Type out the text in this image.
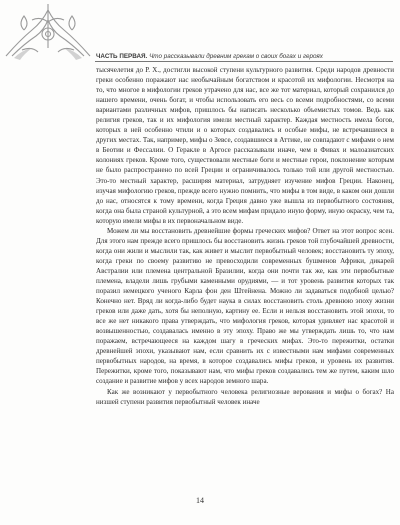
ЧАСТЬ ПЕРВАЯ. Что рассказывали древним грекам о своих богах и героях

тысячелетия до Р. Х., достигли высокой ступени культурного развития. Среди народов древности греки особенно поражают нас необычайным богатством и красотой их мифологии. Несмотря на то, что многое в мифологии греков утрачено для нас, все же тот материал, который сохранился до нашего времени, очень богат, и чтобы использовать его весь со всеми подробностями, со всеми вариантами различных мифов, пришлось бы написать несколько объемистых томов. Ведь как религия греков, так и их мифология имели местный характер. Каждая местность имела богов, которых в ней особенно чтили и о которых создавались и особые мифы, не встречавшиеся в других местах. Так, например, мифы о Зевсе, создавшиеся в Аттике, не совпадают с мифами о нем в Беотии и Фессалии. О Геракле в Аргосе рассказывали иначе, чем в Фивах и малоазиатских колониях греков. Кроме того, существовали местные боги и местные герои, поклонение которым не было распространено по всей Греции и ограничивалось только той или другой местностью. Это-то местный характер, расширяя материал, затрудняет изучение мифов Греции. Наконец, изучая мифологию греков, прежде всего нужно помнить, что мифы в том виде, в каком они дошли до нас, относятся к тому времени, когда Греция давно уже вышла из первобытного состояния, когда она была страной культурной, а это всем мифам придало иную форму, иную окраску, чем та, которую имели мифы в их первоначальном виде.

Можем ли мы восстановить древнейшие формы греческих мифов? Ответ на этот вопрос ясен. Для этого нам прежде всего пришлось бы восстановить жизнь греков той глубочайшей древности, когда они жили и мыслили так, как живет и мыслит первобытный человек; восстановить ту эпоху, когда греки по своему развитию не превосходили современных бушменов Африки, дикарей Австралии или племена центральной Бразилии, когда они почти так же, как эти первобытные племена, владели лишь грубыми каменными орудиями, — и тот уровень развития которых так поразил немецкого ученого Карла фон ден Штейнена. Можно ли задаваться подобной целью? Конечно нет. Вряд ли когда-либо будет наука в силах восстановить столь древнюю эпоху жизни греков или даже дать, хотя бы неполную, картину ее. Если и нельзя восстановить этой эпохи, то все же нет никакого права утверждать, что мифология греков, которая удивляет нас красотой и возвышенностью, создавалась именно в эту эпоху. Право же мы утверждать лишь то, что нам поражаем, встречающееся на каждом шагу в греческих мифах. Это-то пережитки, остатки древнейшей эпохи, указывают нам, если сравнить их с известными нам мифами современных первобытных народов, на время, в которое создавались мифы греков, и уровень их развития. Пережитки, кроме того, показывают нам, что мифы греков создавались тем же путем, каким шло создание и развитие мифов у всех народов земного шара.

Как же возникают у первобытного человека религиозные верования и мифы о богах? На низшей ступени развития первобытный человек иначе

14
